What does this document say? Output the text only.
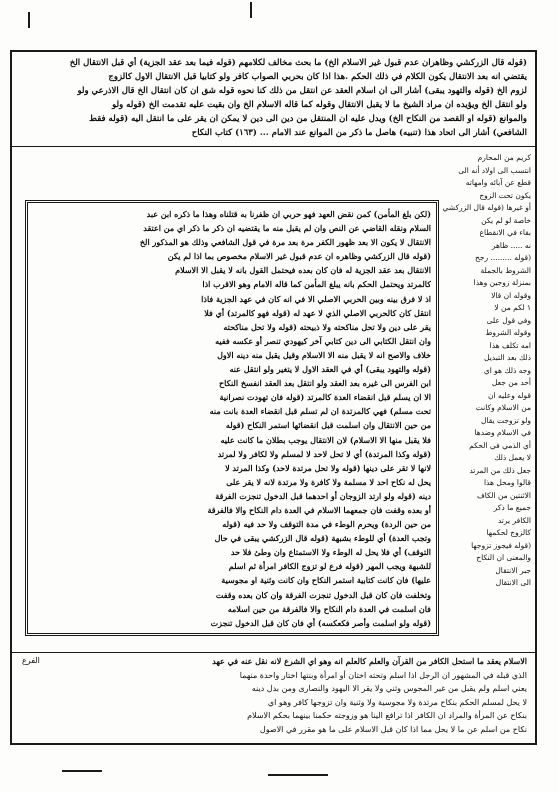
(قوله قال الزركشي وظاهران عدم قبول غير الاسلام الخ) ما بحث مخالف لكلامهم (قوله فيما بعد عقد الجزية) أي قبل الانتقال الخ
يقتضي انه بعد الانتقال يكون الكلام في ذلك الحكم .هذا اذا كان بحربي الصواب كافر ولو كتابيا قبل الانتقال الاول كالزوج
لزوم الخ (قوله والتهود يبقى) أشار الى ان اسلام العقد عن انتقل من ذلك كنا نحوه قوله شق ان كان انتقال الخ قال الاذرعي ولو
ولو انتقل الخ ويؤيده ان مراد الشيخ ما لا يقبل الانتقال وقوله كما قاله الاسلام الخ وان بقيت عليه تقدمت الخ (قوله ولو
والموانع (قوله او القصد من النكاح الخ) ويدل عليه ان المنتقل من دين الى دين لا يمكن ان يقر على ما انتقل اليه (قوله فقط
الشافعي) أشار الى اتحاد هذا (تنبيه) هاصل ما ذكر من الموانع عند الامام ... (١٦٣) كتاب النكاح
كريم من المحارم
انتسب الى اولاد أنه الى
قطع عن آبائه وامهاته
يكون تحت الزوج
أو غيرها (قوله قال الزركشي
خاصة لو لم يكن
بقاء في الانقطاع
نه ..... ظاهر
(قوله ......... رجح
الشروط بالجملة
بمنزلة زوجين وهذا
وقوله ان قالا
١ لكم من لا
وفي قول على
وقوله الشروط
امه تكلف هذا
ذلك بعد التبديل
وجه ذلك هو اي
أحد من جعل
قوله وعليه ان
من الاسلام وكانت
ولو تزوجت يقال
في الاسلام وضدها
أي الذمي في الحكم
لا يعمل ذلك
جعل ذلك من المرتد
قالوا ومحل هذا
الاثنتين من الكاف
جميع ما ذكر
الكافر يرتد
كالزوج لحكمها
(قوله فيجوز تزوجها
والمعنى ان النكاح
جبر الانتقال
الى الانتقال
(لكن بلغ المأمن) كمن نقض العهد فهو حربي ان ظفرنا به قتلناه وهذا ما ذكره ابن عبد
السلام ونقله القاضي عن النص وان لم يقبل منه ما يقتضيه ان ذكر ما ذكر اي من اعتقد
الانتقال لا يكون الا بعد ظهور الكفر مرة بعد مرة في قول الشافعي وذلك هو المذكور الخ
(قوله قال الزركشي وظاهره ان عدم قبول غير الاسلام مخصوص بما اذا لم يكن
الانتقال بعد عقد الجزية له فان كان بعده فيحتمل القول بانه لا يقبل الا الاسلام
كالمرتد ويحتمل الحكم بانه يبلغ المأمن كما قاله الامام وهو الاقرب اذا
اذ لا فرق بينه وبين الحربي الاصلي الا في انه كان في عهد الجزية فاذا
انتقل كان كالحربي الاصلي الذي لا عهد له (قوله فهو كالمرتد) أي فلا
يقر على دين ولا تحل مناكحته ولا ذبيحته (قوله ولا تحل مناكحته
وان انتقل الكتابي الى دين كتابي آخر كيهودي تنصر أو عكسه ففيه
خلاف والاصح انه لا يقبل منه الا الاسلام وقيل يقبل منه دينه الاول
(قوله والتهود يبقى) أي في العقد الاول لا يتغير ولو انتقل عنه
ابن الفرس الى غيره بعد العقد ولو انتقل بعد العقد انفسخ النكاح
الا ان يسلم قبل انقضاء العدة كالمرتد (قوله فان تهودت نصرانية
تحت مسلم) فهي كالمرتدة ان لم تسلم قبل انقضاء العدة بانت منه
من حين الانتقال وان اسلمت قبل انقضائها استمر النكاح (قوله
فلا يقبل منها الا الاسلام) لان الانتقال يوجب بطلان ما كانت عليه
(قوله وكذا المرتدة) أي لا تحل لاحد لا لمسلم ولا لكافر ولا لمرتد
لانها لا تقر على دينها (قوله ولا تحل مرتدة لاحد) وكذا المرتد لا
يحل له نكاح احد لا مسلمة ولا كافرة ولا مرتدة لانه لا يقر على
دينه (قوله ولو ارتد الزوجان أو احدهما قبل الدخول تنجزت الفرقة
أو بعده وقفت فان جمعهما الاسلام في العدة دام النكاح والا فالفرقة
من حين الردة) ويحرم الوطء في مدة التوقف ولا حد فيه (قوله
وتجب العدة) أي للوطء بشبهة (قوله قال الزركشي يبقى في حال
التوقف) أي فلا يحل له الوطء ولا الاستمتاع وان وطئ فلا حد
للشبهة ويجب المهر (قوله فرع لو تزوج الكافر امرأة ثم اسلم
عليها) فان كانت كتابية استمر النكاح وان كانت وثنية او مجوسية
وتخلفت فان كان قبل الدخول تنجزت الفرقة وان كان بعده وقفت
فان اسلمت في العدة دام النكاح والا فالفرقة من حين اسلامه
(قوله ولو اسلمت وأصر فكعكسه) أي فان كان قبل الدخول تنجزت
الاسلام يعقد ما استحل الكافر من القرآن والعلم كالعلم انه وهو اي الشرع لانه نقل عنه في عهد
الذي قبله في المشهور ان الرجل اذا اسلم وتحته اختان أو امرأة وبنتها اختار واحدة منهما
يعني اسلم ولم يقبل من غير المجوس وثني ولا يقر الا اليهود والنصارى ومن بدل دينه
لا يحل لمسلم الحكم بنكاح مرتدة ولا مجوسية ولا وثنية وان تزوجها كافر وهو اي
بنكاح عن المرأة والمراد ان الكافر اذا ترافع الينا هو وزوجته حكمنا بينهما بحكم الاسلام
نكاح من اسلم عن ما لا يحل مما اذا كان قبل الاسلام على ما هو مقرر في الاصول
الفرع
